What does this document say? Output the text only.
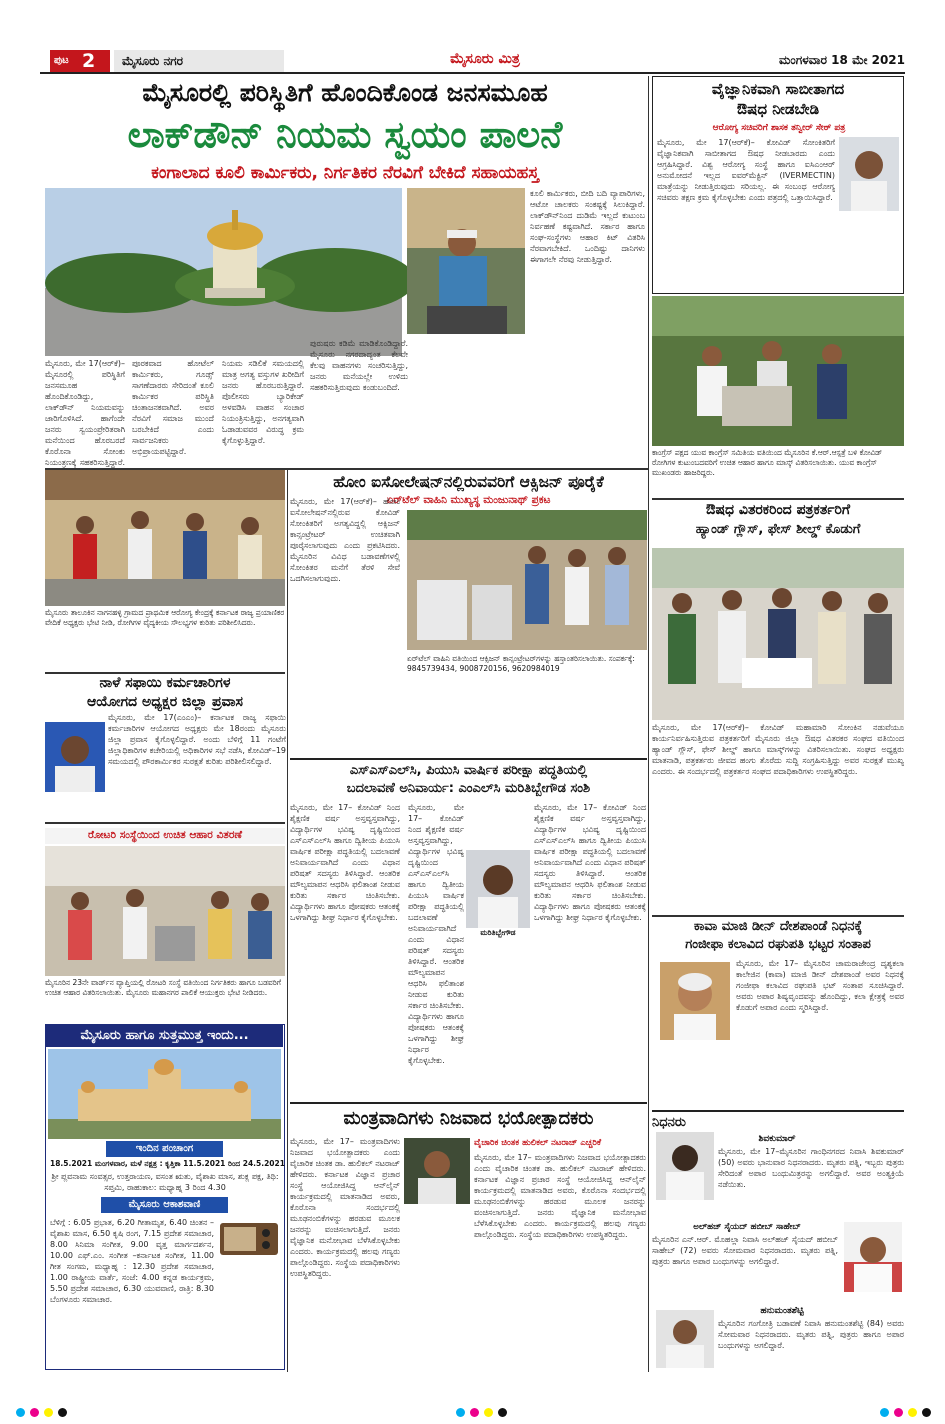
ಪುಟ 2	ಮೈಸೂರು ನಗರ	ಮೈಸೂರು ಮಿತ್ರ	ಮಂಗಳವಾರ 18 ಮೇ 2021
ಮೈಸೂರಲ್ಲಿ ಪರಿಸ್ಥಿತಿಗೆ ಹೊಂದಿಕೊಂಡ ಜನಸಮೂಹ
ಲಾಕ್‌ಡೌನ್ ನಿಯಮ ಸ್ವಯಂ ಪಾಲನೆ
ಕಂಗಾಲಾದ ಕೂಲಿ ಕಾರ್ಮಿಕರು, ನಿರ್ಗತಿಕರ ನೆರವಿಗೆ ಬೇಕಿದೆ ಸಹಾಯಹಸ್ತ
ಮೈಸೂರು, ಮೇ 17(ಆರ್‌ಕೆ)– ಮೈಸೂರಲ್ಲಿ ಪರಿಸ್ಥಿತಿಗೆ ಜನಸಮೂಹ ಹೊಂದಿಕೊಂಡಿದ್ದು, ಲಾಕ್‌ಡೌನ್ ನಿಯಮವನ್ನು ಜಾರಿಗೊಳಿಸಿದೆ. ಹಾಗೆಂದೇ ಜನರು ಸ್ವಯಂಪ್ರೇರಿತರಾಗಿ ಮನೆಯಿಂದ ಹೊರಬರದೆ ಕೊರೊನಾ ಸೋಂಕು ನಿಯಂತ್ರಣಕ್ಕೆ ಸಹಕರಿಸುತ್ತಿದ್ದಾರೆ.
ಪೂರಕವಾದ ಹೋಟೆಲ್ ಕಾರ್ಮಿಕರು, ಗೂಡ್ಸ್ ಸಾಗಣೆದಾರರು ಸೇರಿದಂತೆ ಕೂಲಿ ಕಾರ್ಮಿಕರ ಪರಿಸ್ಥಿತಿ ಚಿಂತಾಜನಕವಾಗಿದೆ. ಅವರ ನೆರವಿಗೆ ಸಮಾಜ ಮುಂದೆ ಬರಬೇಕಿದೆ ಎಂದು ಸಾರ್ವಜನಿಕರು ಅಭಿಪ್ರಾಯಪಟ್ಟಿದ್ದಾರೆ.
ನಿಯಮ ಸಡಿಲಿಕೆ ಸಮಯದಲ್ಲಿ ಮಾತ್ರ ಅಗತ್ಯ ವಸ್ತುಗಳ ಖರೀದಿಗೆ ಜನರು ಹೊರಬರುತ್ತಿದ್ದಾರೆ. ಪೊಲೀಸರು ಬ್ಯಾರಿಕೇಡ್ ಅಳವಡಿಸಿ ವಾಹನ ಸಂಚಾರ ನಿಯಂತ್ರಿಸುತ್ತಿದ್ದು, ಅನಗತ್ಯವಾಗಿ ಓಡಾಡುವವರ ವಿರುದ್ಧ ಕ್ರಮ ಕೈಗೊಳ್ಳುತ್ತಿದ್ದಾರೆ.
ಪುರುಷರು ಕಡಿಮೆ ಮಾಡಿಕೊಂಡಿದ್ದಾರೆ. ಮೈಸೂರು ನಗರದಾದ್ಯಂತ ಕೆಲವೇ ಕೆಲವು ವಾಹನಗಳು ಸಂಚರಿಸುತ್ತಿದ್ದು, ಜನರು ಮನೆಯಲ್ಲೇ ಉಳಿದು ಸಹಕರಿಸುತ್ತಿರುವುದು ಕಂಡುಬಂದಿದೆ.
ಕೂಲಿ ಕಾರ್ಮಿಕರು, ಬೀದಿ ಬದಿ ವ್ಯಾಪಾರಿಗಳು, ಆಟೋ ಚಾಲಕರು ಸಂಕಷ್ಟಕ್ಕೆ ಸಿಲುಕಿದ್ದಾರೆ. ಲಾಕ್‌ಡೌನ್‌ನಿಂದ ದುಡಿಮೆ ಇಲ್ಲದೆ ಕುಟುಂಬ ನಿರ್ವಹಣೆ ಕಷ್ಟವಾಗಿದೆ. ಸರ್ಕಾರ ಹಾಗೂ ಸಂಘ-ಸಂಸ್ಥೆಗಳು ಆಹಾರ ಕಿಟ್ ವಿತರಿಸಿ ನೆರವಾಗಬೇಕಿದೆ. ಒಂದಿಷ್ಟು ದಾನಿಗಳು ಈಗಾಗಲೇ ನೆರವು ನೀಡುತ್ತಿದ್ದಾರೆ.
ವೈಜ್ಞಾನಿಕವಾಗಿ ಸಾಬೀತಾಗದ
ಔಷಧ ನೀಡಬೇಡಿ
ಆರೋಗ್ಯ ಸಚಿವರಿಗೆ ಶಾಸಕ ತನ್ವೀರ್ ಸೇಠ್ ಪತ್ರ
ಮೈಸೂರು, ಮೇ 17(ಆರ್‌ಕೆ)– ಕೋವಿಡ್ ಸೋಂಕಿತರಿಗೆ ವೈಜ್ಞಾನಿಕವಾಗಿ ಸಾಬೀತಾಗದ ಔಷಧ ನೀಡಬಾರದು ಎಂದು ಆಗ್ರಹಿಸಿದ್ದಾರೆ. ವಿಶ್ವ ಆರೋಗ್ಯ ಸಂಸ್ಥೆ ಹಾಗೂ ಐಸಿಎಂಆರ್ ಅನುಮೋದನೆ ಇಲ್ಲದ ಐವರ್‌ಮೆಕ್ಟಿನ್ (IVERMECTIN) ಮಾತ್ರೆಯನ್ನು ನೀಡುತ್ತಿರುವುದು ಸರಿಯಲ್ಲ. ಈ ಸಂಬಂಧ ಆರೋಗ್ಯ ಸಚಿವರು ತಕ್ಷಣ ಕ್ರಮ ಕೈಗೊಳ್ಳಬೇಕು ಎಂದು ಪತ್ರದಲ್ಲಿ ಒತ್ತಾಯಿಸಿದ್ದಾರೆ.
ಕಾಂಗ್ರೆಸ್ ಪಕ್ಷದ ಯುವ ಕಾಂಗ್ರೆಸ್ ಸಮಿತಿಯ ವತಿಯಿಂದ ಮೈಸೂರಿನ ಕೆ.ಆರ್.ಆಸ್ಪತ್ರೆ ಬಳಿ ಕೋವಿಡ್ ರೋಗಿಗಳ ಕುಟುಂಬದವರಿಗೆ ಉಚಿತ ಆಹಾರ ಹಾಗೂ ಮಾಸ್ಕ್ ವಿತರಿಸಲಾಯಿತು. ಯುವ ಕಾಂಗ್ರೆಸ್ ಮುಖಂಡರು ಹಾಜರಿದ್ದರು.
ಮೈಸೂರು ತಾಲೂಕಿನ ನಾಗನಹಳ್ಳಿ ಗ್ರಾಮದ ಪ್ರಾಥಮಿಕ ಆರೋಗ್ಯ ಕೇಂದ್ರಕ್ಕೆ ಕರ್ನಾಟಕ ರಾಜ್ಯ ಪ್ರಯಾಣಿಕರ ವೇದಿಕೆ ಅಧ್ಯಕ್ಷರು ಭೇಟಿ ನೀಡಿ, ರೋಗಿಗಳ ವೈದ್ಯಕೀಯ ಸೌಲಭ್ಯಗಳ ಕುರಿತು ಪರಿಶೀಲಿಸಿದರು.
ಹೋಂ ಐಸೋಲೇಷನ್‌ನಲ್ಲಿರುವವರಿಗೆ ಆಕ್ಸಿಜನ್ ಪೂರೈಕೆ
ಏರ್‌ಟೆಲ್ ವಾಹಿನಿ ಮುಖ್ಯಸ್ಥ ಮಂಜುನಾಥ್ ಪ್ರಕಟ
ಮೈಸೂರು, ಮೇ 17(ಆರ್‌ಕೆ)– ಹೋಂ ಐಸೋಲೇಷನ್‌ನಲ್ಲಿರುವ ಕೋವಿಡ್ ಸೋಂಕಿತರಿಗೆ ಅಗತ್ಯವಿದ್ದಲ್ಲಿ ಆಕ್ಸಿಜನ್ ಕಾನ್ಸಂಟ್ರೇಟರ್ ಉಚಿತವಾಗಿ ಪೂರೈಸಲಾಗುವುದು ಎಂದು ಪ್ರಕಟಿಸಿದರು. ಮೈಸೂರಿನ ವಿವಿಧ ಬಡಾವಣೆಗಳಲ್ಲಿ ಸೋಂಕಿತರ ಮನೆಗೆ ತೆರಳಿ ಸೇವೆ ಒದಗಿಸಲಾಗುವುದು.
ಏರ್‌ಟೆಲ್ ವಾಹಿನಿ ವತಿಯಿಂದ ಆಕ್ಸಿಜನ್ ಕಾನ್ಸಂಟ್ರೇಟರ್‌ಗಳನ್ನು ಹಸ್ತಾಂತರಿಸಲಾಯಿತು. ಸಂಪರ್ಕಕ್ಕೆ: 9845739434, 9008720156, 9620984019
ಔಷಧ ವಿತರಕರಿಂದ ಪತ್ರಕರ್ತರಿಗೆ
ಹ್ಯಾಂಡ್ ಗ್ಲೌಸ್, ಫೇಸ್ ಶೀಲ್ಡ್ ಕೊಡುಗೆ
ಮೈಸೂರು, ಮೇ 17(ಆರ್‌ಕೆ)– ಕೋವಿಡ್ ಮಹಾಮಾರಿ ಸೋಂಕಿನ ನಡುವೆಯೂ ಕಾರ್ಯನಿರ್ವಹಿಸುತ್ತಿರುವ ಪತ್ರಕರ್ತರಿಗೆ ಮೈಸೂರು ಜಿಲ್ಲಾ ಔಷಧ ವಿತರಕರ ಸಂಘದ ವತಿಯಿಂದ ಹ್ಯಾಂಡ್ ಗ್ಲೌಸ್, ಫೇಸ್ ಶೀಲ್ಡ್ ಹಾಗೂ ಮಾಸ್ಕ್‌ಗಳನ್ನು ವಿತರಿಸಲಾಯಿತು. ಸಂಘದ ಅಧ್ಯಕ್ಷರು ಮಾತನಾಡಿ, ಪತ್ರಕರ್ತರು ಜೀವದ ಹಂಗು ತೊರೆದು ಸುದ್ದಿ ಸಂಗ್ರಹಿಸುತ್ತಿದ್ದು ಅವರ ಸುರಕ್ಷತೆ ಮುಖ್ಯ ಎಂದರು. ಈ ಸಂದರ್ಭದಲ್ಲಿ ಪತ್ರಕರ್ತರ ಸಂಘದ ಪದಾಧಿಕಾರಿಗಳು ಉಪಸ್ಥಿತರಿದ್ದರು.
ನಾಳೆ ಸಫಾಯಿ ಕರ್ಮಚಾರಿಗಳ
ಆಯೋಗದ ಅಧ್ಯಕ್ಷರ ಜಿಲ್ಲಾ ಪ್ರವಾಸ
ಮೈಸೂರು, ಮೇ 17(ಎಂಎಂ)– ಕರ್ನಾಟಕ ರಾಜ್ಯ ಸಫಾಯಿ ಕರ್ಮಚಾರಿಗಳ ಆಯೋಗದ ಅಧ್ಯಕ್ಷರು ಮೇ 18ರಂದು ಮೈಸೂರು ಜಿಲ್ಲಾ ಪ್ರವಾಸ ಕೈಗೊಳ್ಳಲಿದ್ದಾರೆ. ಅಂದು ಬೆಳಿಗ್ಗೆ 11 ಗಂಟೆಗೆ ಜಿಲ್ಲಾಧಿಕಾರಿಗಳ ಕಚೇರಿಯಲ್ಲಿ ಅಧಿಕಾರಿಗಳ ಸಭೆ ನಡೆಸಿ, ಕೋವಿಡ್–19 ಸಮಯದಲ್ಲಿ ಪೌರಕಾರ್ಮಿಕರ ಸುರಕ್ಷತೆ ಕುರಿತು ಪರಿಶೀಲಿಸಲಿದ್ದಾರೆ.
ರೋಟರಿ ಸಂಸ್ಥೆಯಿಂದ ಉಚಿತ ಆಹಾರ ವಿತರಣೆ
ಮೈಸೂರಿನ 23ನೇ ವಾರ್ಡ್‌ನ ವ್ಯಾಪ್ತಿಯಲ್ಲಿ ರೋಟರಿ ಸಂಸ್ಥೆ ವತಿಯಿಂದ ನಿರ್ಗತಿಕರು ಹಾಗೂ ಬಡವರಿಗೆ ಉಚಿತ ಆಹಾರ ವಿತರಿಸಲಾಯಿತು. ಮೈಸೂರು ಮಹಾನಗರ ಪಾಲಿಕೆ ಆಯುಕ್ತರು ಭೇಟಿ ನೀಡಿದರು.
ಎಸ್‌ಎಸ್‌ಎಲ್‌ಸಿ, ಪಿಯುಸಿ ವಾರ್ಷಿಕ ಪರೀಕ್ಷಾ ಪದ್ಧತಿಯಲ್ಲಿ
ಬದಲಾವಣೆ ಅನಿವಾರ್ಯ: ಎಂಎಲ್‌ಸಿ ಮರಿತಿಬ್ಬೇಗೌಡ ಸಂಶಿ
ಮೈಸೂರು, ಮೇ 17– ಕೋವಿಡ್ ನಿಂದ ಶೈಕ್ಷಣಿಕ ವರ್ಷ ಅಸ್ತವ್ಯಸ್ತವಾಗಿದ್ದು, ವಿದ್ಯಾರ್ಥಿಗಳ ಭವಿಷ್ಯ ದೃಷ್ಟಿಯಿಂದ ಎಸ್‌ಎಸ್‌ಎಲ್‌ಸಿ ಹಾಗೂ ದ್ವಿತೀಯ ಪಿಯುಸಿ ವಾರ್ಷಿಕ ಪರೀಕ್ಷಾ ಪದ್ಧತಿಯಲ್ಲಿ ಬದಲಾವಣೆ ಅನಿವಾರ್ಯವಾಗಿದೆ ಎಂದು ವಿಧಾನ ಪರಿಷತ್ ಸದಸ್ಯರು ತಿಳಿಸಿದ್ದಾರೆ. ಆಂತರಿಕ ಮೌಲ್ಯಮಾಪನ ಆಧರಿಸಿ ಫಲಿತಾಂಶ ನೀಡುವ ಕುರಿತು ಸರ್ಕಾರ ಚಿಂತಿಸಬೇಕು. ವಿದ್ಯಾರ್ಥಿಗಳು ಹಾಗೂ ಪೋಷಕರು ಆತಂಕಕ್ಕೆ ಒಳಗಾಗಿದ್ದು ಶೀಘ್ರ ನಿರ್ಧಾರ ಕೈಗೊಳ್ಳಬೇಕು.
ಮರಿತಿಬ್ಬೇಗೌಡ
ಮೈಸೂರು, ಮೇ 17– ಕೋವಿಡ್ ನಿಂದ ಶೈಕ್ಷಣಿಕ ವರ್ಷ ಅಸ್ತವ್ಯಸ್ತವಾಗಿದ್ದು, ವಿದ್ಯಾರ್ಥಿಗಳ ಭವಿಷ್ಯ ದೃಷ್ಟಿಯಿಂದ ಎಸ್‌ಎಸ್‌ಎಲ್‌ಸಿ ಹಾಗೂ ದ್ವಿತೀಯ ಪಿಯುಸಿ ವಾರ್ಷಿಕ ಪರೀಕ್ಷಾ ಪದ್ಧತಿಯಲ್ಲಿ ಬದಲಾವಣೆ ಅನಿವಾರ್ಯವಾಗಿದೆ ಎಂದು ವಿಧಾನ ಪರಿಷತ್ ಸದಸ್ಯರು ತಿಳಿಸಿದ್ದಾರೆ. ಆಂತರಿಕ ಮೌಲ್ಯಮಾಪನ ಆಧರಿಸಿ ಫಲಿತಾಂಶ ನೀಡುವ ಕುರಿತು ಸರ್ಕಾರ ಚಿಂತಿಸಬೇಕು. ವಿದ್ಯಾರ್ಥಿಗಳು ಹಾಗೂ ಪೋಷಕರು ಆತಂಕಕ್ಕೆ ಒಳಗಾಗಿದ್ದು ಶೀಘ್ರ ನಿರ್ಧಾರ ಕೈಗೊಳ್ಳಬೇಕು.
ಮೈಸೂರು, ಮೇ 17– ಕೋವಿಡ್ ನಿಂದ ಶೈಕ್ಷಣಿಕ ವರ್ಷ ಅಸ್ತವ್ಯಸ್ತವಾಗಿದ್ದು, ವಿದ್ಯಾರ್ಥಿಗಳ ಭವಿಷ್ಯ ದೃಷ್ಟಿಯಿಂದ ಎಸ್‌ಎಸ್‌ಎಲ್‌ಸಿ ಹಾಗೂ ದ್ವಿತೀಯ ಪಿಯುಸಿ ವಾರ್ಷಿಕ ಪರೀಕ್ಷಾ ಪದ್ಧತಿಯಲ್ಲಿ ಬದಲಾವಣೆ ಅನಿವಾರ್ಯವಾಗಿದೆ ಎಂದು ವಿಧಾನ ಪರಿಷತ್ ಸದಸ್ಯರು ತಿಳಿಸಿದ್ದಾರೆ. ಆಂತರಿಕ ಮೌಲ್ಯಮಾಪನ ಆಧರಿಸಿ ಫಲಿತಾಂಶ ನೀಡುವ ಕುರಿತು ಸರ್ಕಾರ ಚಿಂತಿಸಬೇಕು. ವಿದ್ಯಾರ್ಥಿಗಳು ಹಾಗೂ ಪೋಷಕರು ಆತಂಕಕ್ಕೆ ಒಳಗಾಗಿದ್ದು ಶೀಘ್ರ ನಿರ್ಧಾರ ಕೈಗೊಳ್ಳಬೇಕು.
ಕಾವಾ ಮಾಜಿ ಡೀನ್ ದೇಶಪಾಂಡೆ ನಿಧನಕ್ಕೆ
ಗಂಜೀಫಾ ಕಲಾವಿದ ರಘುಪತಿ ಭಟ್ಟರ ಸಂತಾಪ
ಮೈಸೂರು, ಮೇ 17– ಮೈಸೂರಿನ ಚಾಮರಾಜೇಂದ್ರ ದೃಶ್ಯಕಲಾ ಕಾಲೇಜಿನ (ಕಾವಾ) ಮಾಜಿ ಡೀನ್ ದೇಶಪಾಂಡೆ ಅವರ ನಿಧನಕ್ಕೆ ಗಂಜೀಫಾ ಕಲಾವಿದ ರಘುಪತಿ ಭಟ್ ಸಂತಾಪ ಸೂಚಿಸಿದ್ದಾರೆ. ಅವರು ಅಪಾರ ಶಿಷ್ಯವೃಂದವನ್ನು ಹೊಂದಿದ್ದು, ಕಲಾ ಕ್ಷೇತ್ರಕ್ಕೆ ಅವರ ಕೊಡುಗೆ ಅಪಾರ ಎಂದು ಸ್ಮರಿಸಿದ್ದಾರೆ.
ಮೈಸೂರು ಹಾಗೂ ಸುತ್ತಮುತ್ತ ಇಂದು...
ಇಂದಿನ ಪಂಚಾಂಗ
18.5.2021 ಮಂಗಳವಾರ, ಮಳೆ ನಕ್ಷತ್ರ : ಕೃತ್ತಿಕಾ 11.5.2021 ರಿಂದ 24.5.2021
ಶ್ರೀ ಪ್ಲವನಾಮ ಸಂವತ್ಸರ, ಉತ್ತರಾಯಣ, ವಸಂತ ಋತು, ವೈಶಾಖ ಮಾಸ, ಶುಕ್ಲ ಪಕ್ಷ, ತಿಥಿ: ಸಪ್ತಮಿ, ರಾಹುಕಾಲ: ಮಧ್ಯಾಹ್ನ 3 ರಿಂದ 4.30
ಮೈಸೂರು ಆಕಾಶವಾಣಿ
ಬೆಳಿಗ್ಗೆ : 6.05 ಪ್ರಭಾತ, 6.20 ಗೀತಾಮೃತ, 6.40 ಚಿಂತನ –ವೈಶಾಖ ಮಾಸ, 6.50 ಕೃಷಿ ರಂಗ, 7.15 ಪ್ರದೇಶ ಸಮಾಚಾರ, 8.00 ಸಿನಿಮಾ ಸಂಗೀತ, 9.00 ವೃತ್ತ ಮಾರ್ಗದರ್ಶನ, 10.00 ಎಫ್.ಎಂ. ಸಂಗೀತ –ಕರ್ನಾಟಕ ಸಂಗೀತ, 11.00 ಗೀತ ಸಂಗಮ, ಮಧ್ಯಾಹ್ನ : 12.30 ಪ್ರದೇಶ ಸಮಾಚಾರ, 1.00 ರಾಷ್ಟ್ರೀಯ ವಾರ್ತೆ, ಸಂಜೆ: 4.00 ಕನ್ನಡ ಕಾರ್ಯಕ್ರಮ, 5.50 ಪ್ರದೇಶ ಸಮಾಚಾರ, 6.30 ಯುವವಾಣಿ, ರಾತ್ರಿ: 8.30 ಬೆಂಗಳೂರು ಸಮಾಚಾರ.
ಮಂತ್ರವಾದಿಗಳು ನಿಜವಾದ ಭಯೋತ್ಪಾದಕರು
ಮೈಸೂರು, ಮೇ 17– ಮಂತ್ರವಾದಿಗಳು ನಿಜವಾದ ಭಯೋತ್ಪಾದಕರು ಎಂದು ವೈಚಾರಿಕ ಚಿಂತಕ ಡಾ. ಹುಲಿಕಲ್ ನಟರಾಜ್ ಹೇಳಿದರು. ಕರ್ನಾಟಕ ವಿಜ್ಞಾನ ಪ್ರಚಾರ ಸಂಸ್ಥೆ ಆಯೋಜಿಸಿದ್ದ ಆನ್‌ಲೈನ್ ಕಾರ್ಯಕ್ರಮದಲ್ಲಿ ಮಾತನಾಡಿದ ಅವರು, ಕೊರೊನಾ ಸಂದರ್ಭದಲ್ಲಿ ಮೂಢನಂಬಿಕೆಗಳನ್ನು ಹರಡುವ ಮೂಲಕ ಜನರನ್ನು ವಂಚಿಸಲಾಗುತ್ತಿದೆ. ಜನರು ವೈಜ್ಞಾನಿಕ ಮನೋಭಾವ ಬೆಳೆಸಿಕೊಳ್ಳಬೇಕು ಎಂದರು. ಕಾರ್ಯಕ್ರಮದಲ್ಲಿ ಹಲವು ಗಣ್ಯರು ಪಾಲ್ಗೊಂಡಿದ್ದರು. ಸಂಸ್ಥೆಯ ಪದಾಧಿಕಾರಿಗಳು ಉಪಸ್ಥಿತರಿದ್ದರು.
ವೈಚಾರಿಕ ಚಿಂತಕ ಹುಲಿಕಲ್ ನಟರಾಜ್ ಎಚ್ಚರಿಕೆ
ಮೈಸೂರು, ಮೇ 17– ಮಂತ್ರವಾದಿಗಳು ನಿಜವಾದ ಭಯೋತ್ಪಾದಕರು ಎಂದು ವೈಚಾರಿಕ ಚಿಂತಕ ಡಾ. ಹುಲಿಕಲ್ ನಟರಾಜ್ ಹೇಳಿದರು. ಕರ್ನಾಟಕ ವಿಜ್ಞಾನ ಪ್ರಚಾರ ಸಂಸ್ಥೆ ಆಯೋಜಿಸಿದ್ದ ಆನ್‌ಲೈನ್ ಕಾರ್ಯಕ್ರಮದಲ್ಲಿ ಮಾತನಾಡಿದ ಅವರು, ಕೊರೊನಾ ಸಂದರ್ಭದಲ್ಲಿ ಮೂಢನಂಬಿಕೆಗಳನ್ನು ಹರಡುವ ಮೂಲಕ ಜನರನ್ನು ವಂಚಿಸಲಾಗುತ್ತಿದೆ. ಜನರು ವೈಜ್ಞಾನಿಕ ಮನೋಭಾವ ಬೆಳೆಸಿಕೊಳ್ಳಬೇಕು ಎಂದರು. ಕಾರ್ಯಕ್ರಮದಲ್ಲಿ ಹಲವು ಗಣ್ಯರು ಪಾಲ್ಗೊಂಡಿದ್ದರು. ಸಂಸ್ಥೆಯ ಪದಾಧಿಕಾರಿಗಳು ಉಪಸ್ಥಿತರಿದ್ದರು.
ನಿಧನರು
ಶಿವಕುಮಾರ್
ಮೈಸೂರು, ಮೇ 17–ಮೈಸೂರಿನ ಗಾಂಧಿನಗರದ ನಿವಾಸಿ ಶಿವಕುಮಾರ್ (50) ಅವರು ಭಾನುವಾರ ನಿಧನರಾದರು. ಮೃತರು ಪತ್ನಿ, ಇಬ್ಬರು ಪುತ್ರರು ಸೇರಿದಂತೆ ಅಪಾರ ಬಂಧುಮಿತ್ರರನ್ನು ಅಗಲಿದ್ದಾರೆ. ಅವರ ಅಂತ್ಯಕ್ರಿಯೆ ನಡೆಯಿತು.
ಅಲ್‌ಹಜ್ ಸೈಯದ್ ಹಬೀಬ್ ಸಾಹೇಬ್
ಮೈಸೂರಿನ ಎನ್.ಆರ್. ಮೊಹಲ್ಲಾ ನಿವಾಸಿ ಅಲ್‌ಹಜ್ ಸೈಯದ್ ಹಬೀಬ್ ಸಾಹೇಬ್ (72) ಅವರು ಸೋಮವಾರ ನಿಧನರಾದರು. ಮೃತರು ಪತ್ನಿ, ಪುತ್ರರು ಹಾಗೂ ಅಪಾರ ಬಂಧುಗಳನ್ನು ಅಗಲಿದ್ದಾರೆ.
ಹನುಮಂತಶೆಟ್ಟಿ
ಮೈಸೂರಿನ ಗಂಗೋತ್ರಿ ಬಡಾವಣೆ ನಿವಾಸಿ ಹನುಮಂತಶೆಟ್ಟಿ (84) ಅವರು ಸೋಮವಾರ ನಿಧನರಾದರು. ಮೃತರು ಪತ್ನಿ, ಪುತ್ರರು ಹಾಗೂ ಅಪಾರ ಬಂಧುಗಳನ್ನು ಅಗಲಿದ್ದಾರೆ.
